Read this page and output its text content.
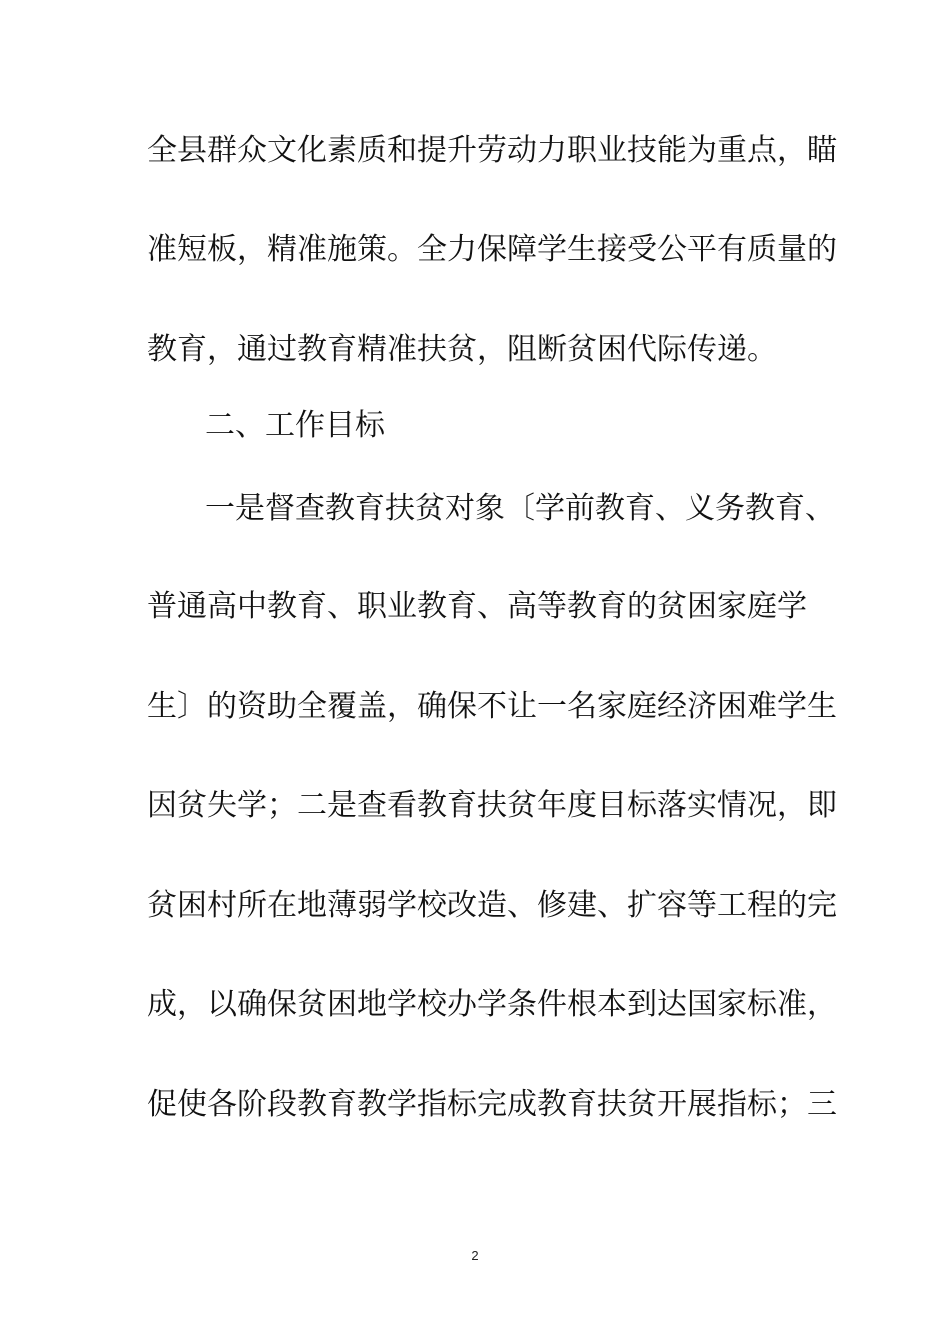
全县群众文化素质和提升劳动力职业技能为重点，瞄
准短板，精准施策。全力保障学生接受公平有质量的
教育，通过教育精准扶贫，阻断贫困代际传递。
二、工作目标
一是督查教育扶贫对象〔学前教育、义务教育、
普通高中教育、职业教育、高等教育的贫困家庭学
生〕的资助全覆盖，确保不让一名家庭经济困难学生
因贫失学；二是查看教育扶贫年度目标落实情况，即
贫困村所在地薄弱学校改造、修建、扩容等工程的完
成，以确保贫困地学校办学条件根本到达国家标准，
促使各阶段教育教学指标完成教育扶贫开展指标；三
2
